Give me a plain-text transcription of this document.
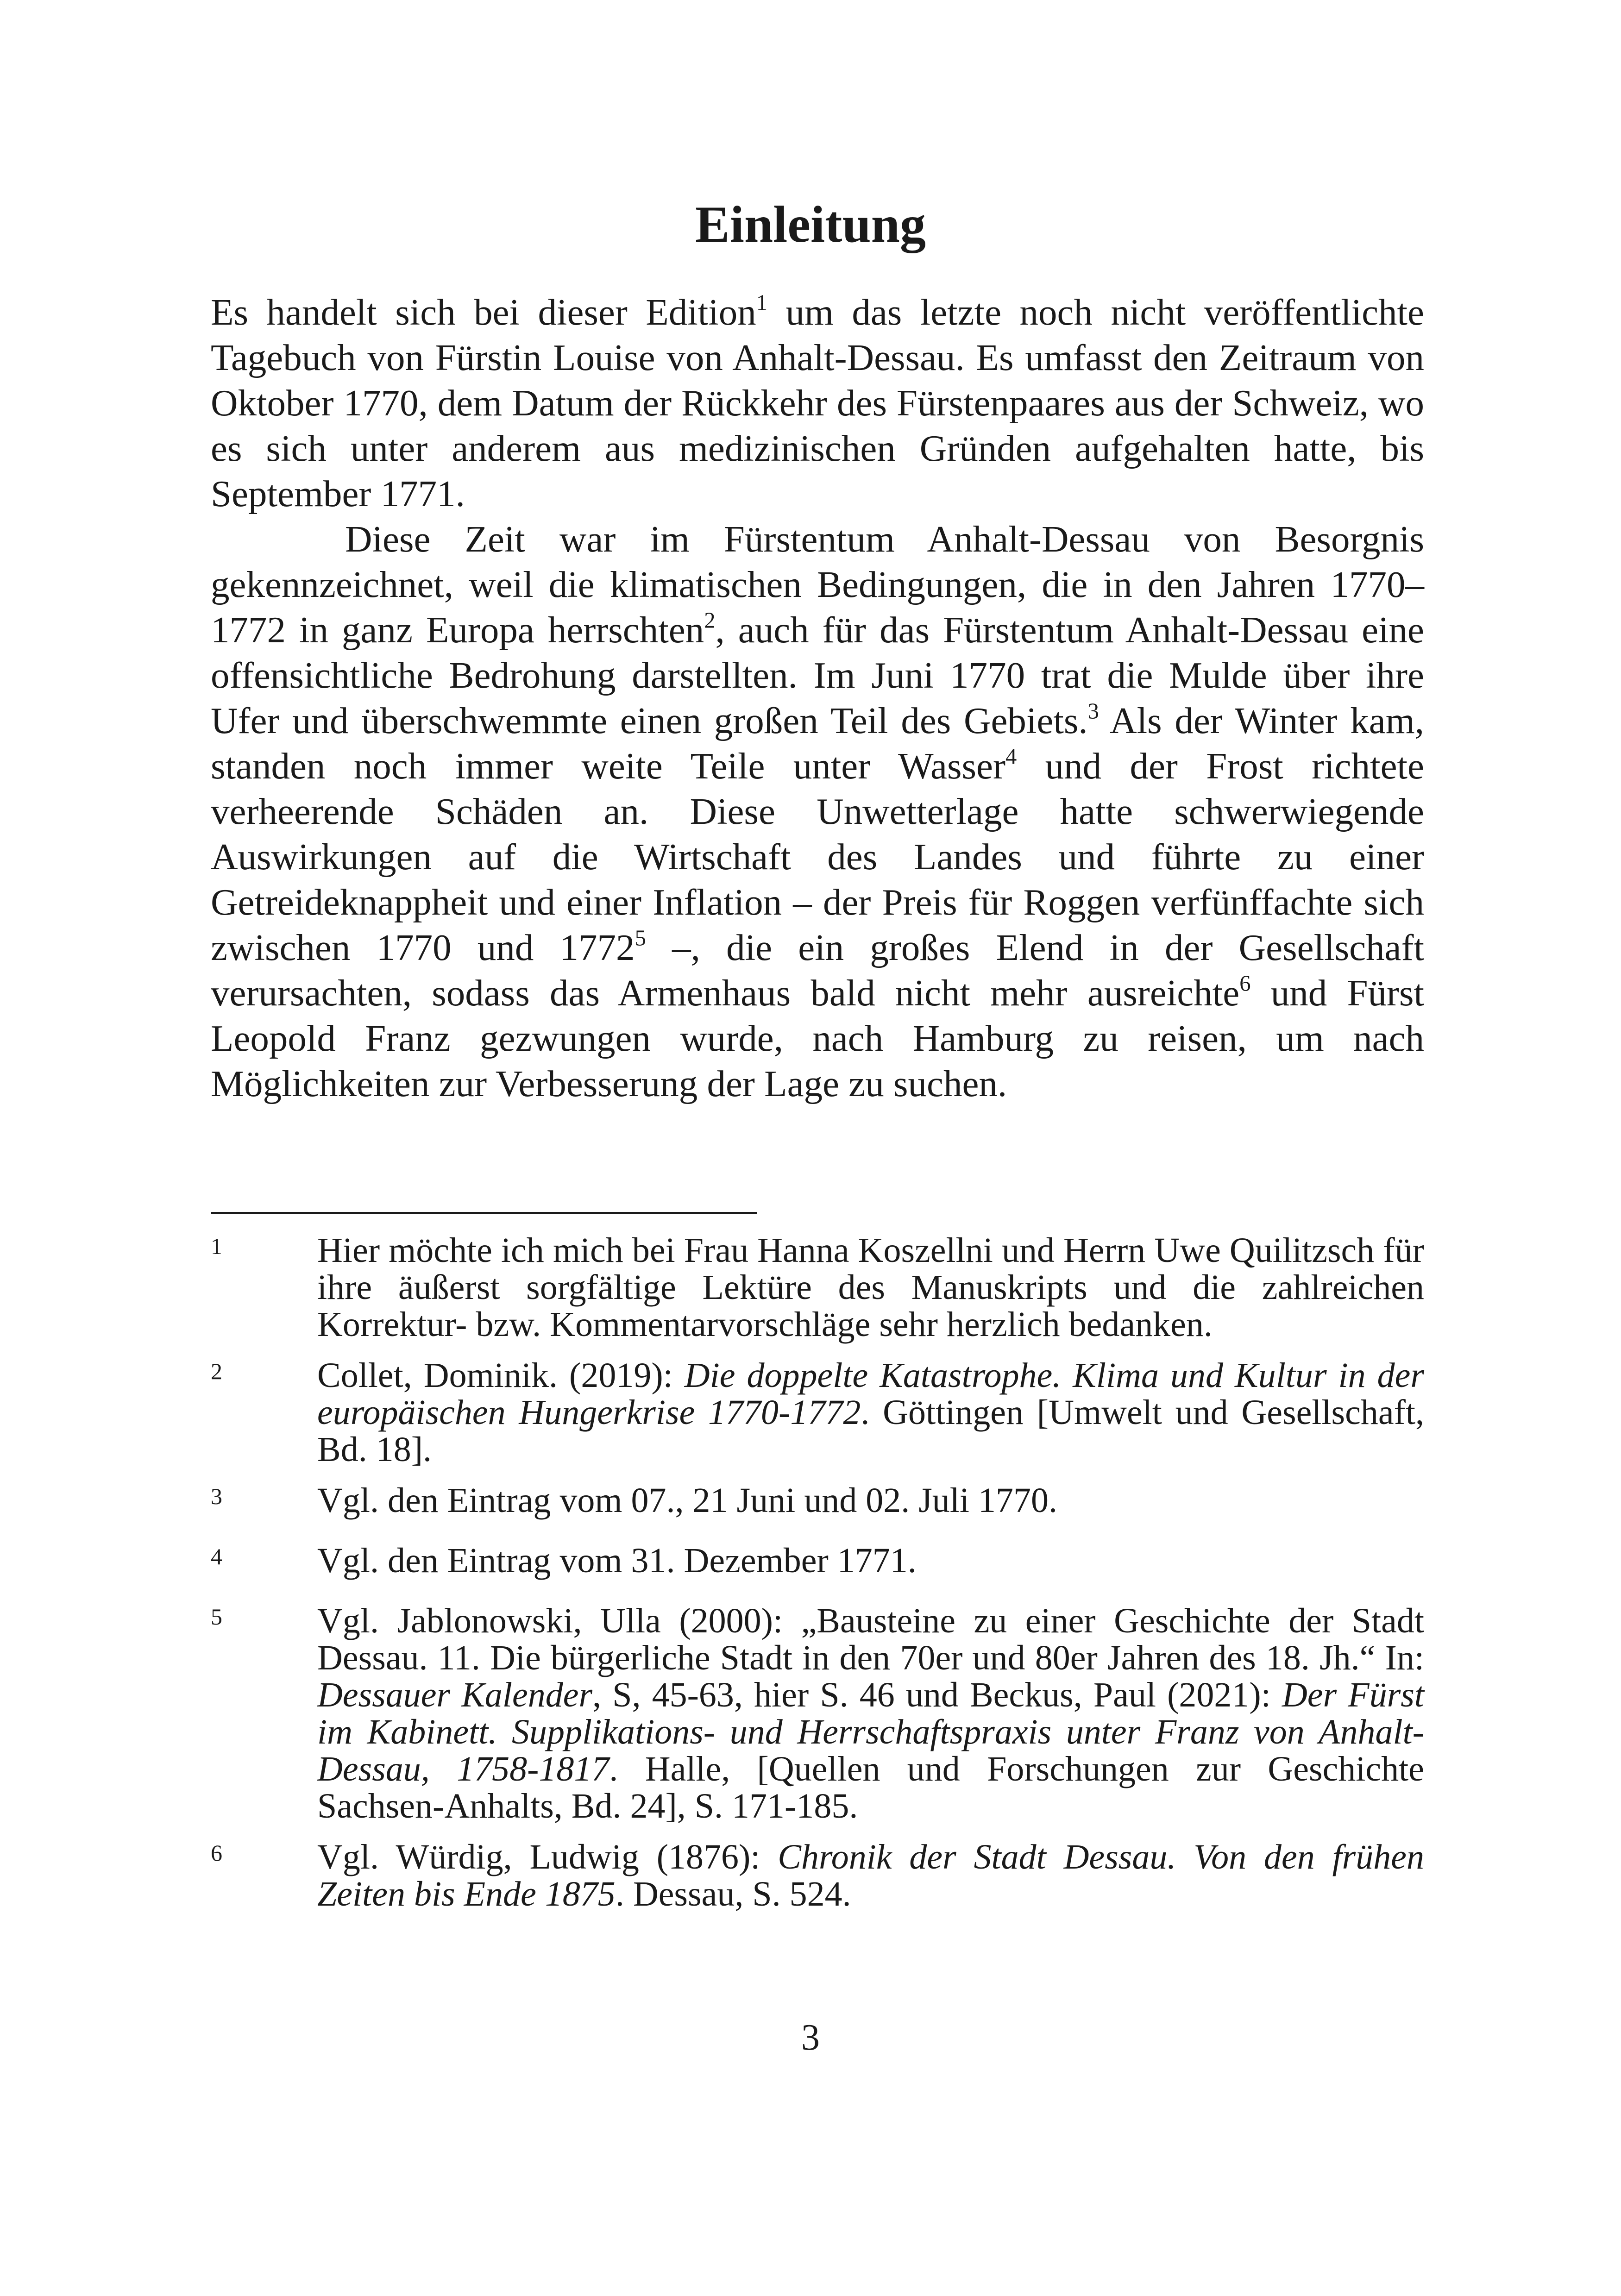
Einleitung

Es handelt sich bei dieser Edition$^1$ um das letzte noch nicht veröffentlichte Tagebuch von Fürstin Louise von Anhalt-Dessau. Es umfasst den Zeitraum von Oktober 1770, dem Datum der Rückkehr des Fürstenpaares aus der Schweiz, wo es sich unter anderem aus medizinischen Gründen aufgehalten hatte, bis September 1771.

Diese Zeit war im Fürstentum Anhalt-Dessau von Besorgnis gekennzeichnet, weil die klimatischen Bedingungen, die in den Jahren 1770–1772 in ganz Europa herrschten$^2$, auch für das Fürstentum Anhalt-Dessau eine offensichtliche Bedrohung darstellten. Im Juni 1770 trat die Mulde über ihre Ufer und überschwemmte einen großen Teil des Gebiets.$^3$ Als der Winter kam, standen noch immer weite Teile unter Wasser$^4$ und der Frost richtete verheerende Schäden an. Diese Unwetterlage hatte schwerwiegende Auswirkungen auf die Wirtschaft des Landes und führte zu einer Getreideknappheit und einer Inflation – der Preis für Roggen verfünffachte sich zwischen 1770 und 1772$^5$ –, die ein großes Elend in der Gesellschaft verursachten, sodass das Armenhaus bald nicht mehr ausreichte$^6$ und Fürst Leopold Franz gezwungen wurde, nach Hamburg zu reisen, um nach Möglichkeiten zur Verbesserung der Lage zu suchen.

1	Hier möchte ich mich bei Frau Hanna Koszellni und Herrn Uwe Quilitzsch für ihre äußerst sorgfältige Lektüre des Manuskripts und die zahlreichen Korrektur- bzw. Kommentarvorschläge sehr herzlich bedanken.
2	Collet, Dominik. (2019): Die doppelte Katastrophe. Klima und Kultur in der europäischen Hungerkrise 1770-1772. Göttingen [Umwelt und Gesellschaft, Bd. 18].
3	Vgl. den Eintrag vom 07., 21 Juni und 02. Juli 1770.
4	Vgl. den Eintrag vom 31. Dezember 1771.
5	Vgl. Jablonowski, Ulla (2000): „Bausteine zu einer Geschichte der Stadt Dessau. 11. Die bürgerliche Stadt in den 70er und 80er Jahren des 18. Jh.“ In: Dessauer Kalender, S, 45-63, hier S. 46 und Beckus, Paul (2021): Der Fürst im Kabinett. Supplikations- und Herrschaftspraxis unter Franz von Anhalt-Dessau, 1758-1817. Halle, [Quellen und Forschungen zur Geschichte Sachsen-Anhalts, Bd. 24], S. 171-185.
6	Vgl. Würdig, Ludwig (1876): Chronik der Stadt Dessau. Von den frühen Zeiten bis Ende 1875. Dessau, S. 524.
3
